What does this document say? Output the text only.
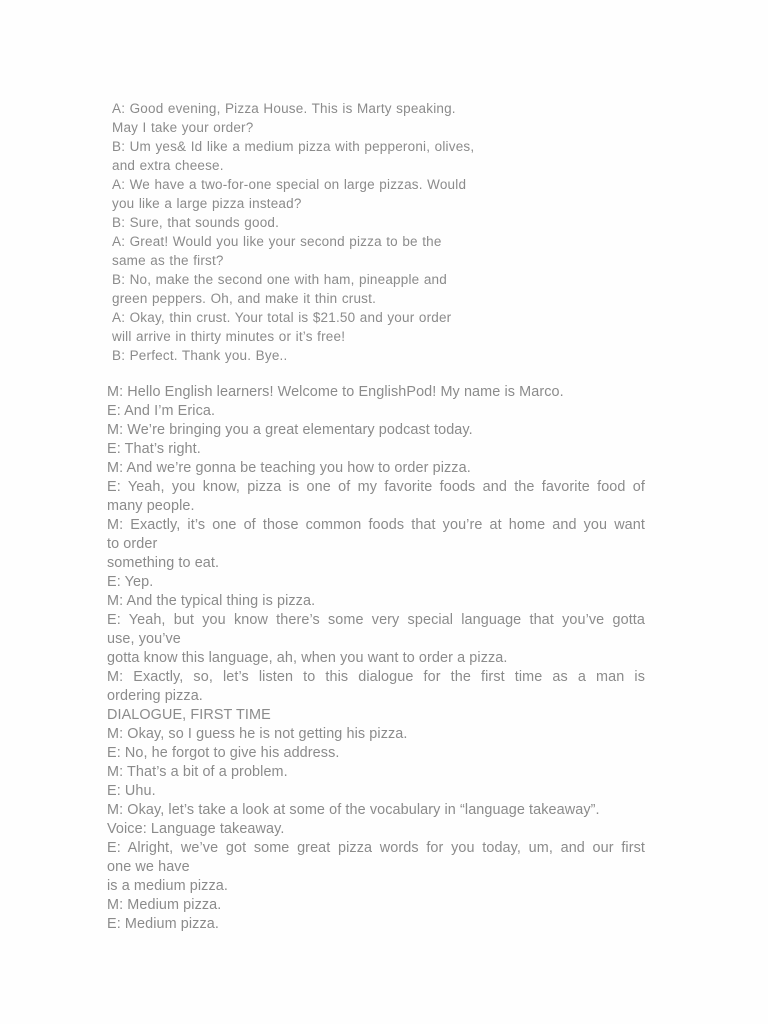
A: Good evening, Pizza House. This is Marty speaking.
May I take your order?
B: Um yes& Id like a medium pizza with pepperoni, olives,
and extra cheese.
A: We have a two-for-one special on large pizzas. Would
you like a large pizza instead?
B: Sure, that sounds good.
A: Great! Would you like your second pizza to be the
same as the first?
B: No, make the second one with ham, pineapple and
green peppers. Oh, and make it thin crust.
A: Okay, thin crust. Your total is $21.50 and your order
will arrive in thirty minutes or it’s free!
B: Perfect. Thank you. Bye..
M: Hello English learners! Welcome to EnglishPod! My name is Marco.
E: And I’m Erica.
M: We’re bringing you a great elementary podcast today.
E: That’s right.
M: And we’re gonna be teaching you how to order pizza.
E: Yeah, you know, pizza is one of my favorite foods and the favorite food of
many people.
M: Exactly, it’s one of those common foods that you’re at home and you want
to order
something to eat.
E: Yep.
M: And the typical thing is pizza.
E: Yeah, but you know there’s some very special language that you’ve gotta
use, you’ve
gotta know this language, ah, when you want to order a pizza.
M: Exactly, so, let’s listen to this dialogue for the first time as a man is
ordering pizza.
DIALOGUE, FIRST TIME
M: Okay, so I guess he is not getting his pizza.
E: No, he forgot to give his address.
M: That’s a bit of a problem.
E: Uhu.
M: Okay, let’s take a look at some of the vocabulary in “language takeaway”.
Voice: Language takeaway.
E: Alright, we’ve got some great pizza words for you today, um, and our first
one we have
is a medium pizza.
M: Medium pizza.
E: Medium pizza.
